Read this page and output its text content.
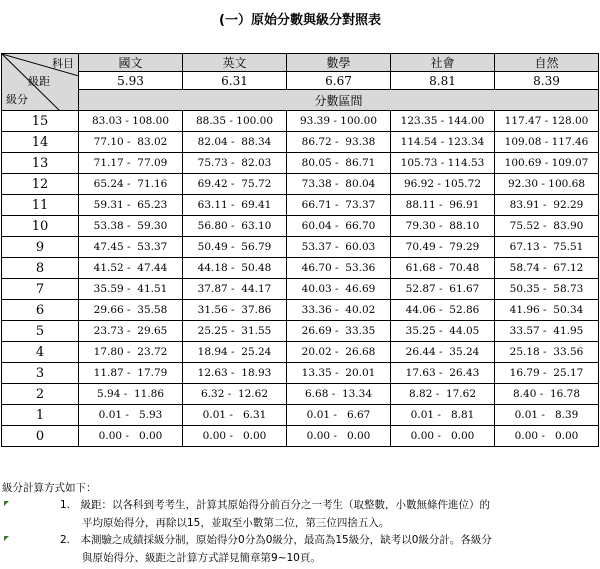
(一）原始分數與級分對照表
科目
級距
級分	國文	英文	數學	社會	自然
	5.93	6.31	6.67	8.81	8.39
	分數區間				
15	83.03 - 108.00	88.35 - 100.00	93.39 - 100.00	123.35 - 144.00	117.47 - 128.00
14	77.10 -  83.02	82.04 -  88.34	86.72 -  93.38	114.54 - 123.34	109.08 - 117.46
13	71.17 -  77.09	75.73 -  82.03	80.05 -  86.71	105.73 - 114.53	100.69 - 109.07
12	65.24 -  71.16	69.42 -  75.72	73.38 -  80.04	96.92 - 105.72	92.30 - 100.68
11	59.31 -  65.23	63.11 -  69.41	66.71 -  73.37	88.11 -  96.91	83.91 -  92.29
10	53.38 -  59.30	56.80 -  63.10	60.04 -  66.70	79.30 -  88.10	75.52 -  83.90
9	47.45 -  53.37	50.49 -  56.79	53.37 -  60.03	70.49 -  79.29	67.13 -  75.51
8	41.52 -  47.44	44.18 -  50.48	46.70 -  53.36	61.68 -  70.48	58.74 -  67.12
7	35.59 -  41.51	37.87 -  44.17	40.03 -  46.69	52.87 -  61.67	50.35 -  58.73
6	29.66 -  35.58	31.56 -  37.86	33.36 -  40.02	44.06 -  52.86	41.96 -  50.34
5	23.73 -  29.65	25.25 -  31.55	26.69 -  33.35	35.25 -  44.05	33.57 -  41.95
4	17.80 -  23.72	18.94 -  25.24	20.02 -  26.68	26.44 -  35.24	25.18 -  33.56
3	11.87 -  17.79	12.63 -  18.93	13.35 -  20.01	17.63 -  26.43	16.79 -  25.17
2	5.94 -  11.86	6.32 -  12.62	6.68 -  13.34	8.82 -  17.62	8.40 -  16.78
1	0.01 -   5.93	0.01 -   6.31	0.01 -   6.67	0.01 -   8.81	0.01 -   8.39
0	0.00 -   0.00	0.00 -   0.00	0.00 -   0.00	0.00 -   0.00	0.00 -   0.00
級分計算方式如下：
1.　級距：以各科到考考生，計算其原始得分前百分之一考生（取整數，小數無條件進位）的
平均原始得分，再除以15，並取至小數第二位，第三位四捨五入。
2.　本測驗之成績採級分制，原始得分0分為0級分，最高為15級分，缺考以0級分計。各級分
與原始得分、級距之計算方式詳見簡章第9~10頁。
